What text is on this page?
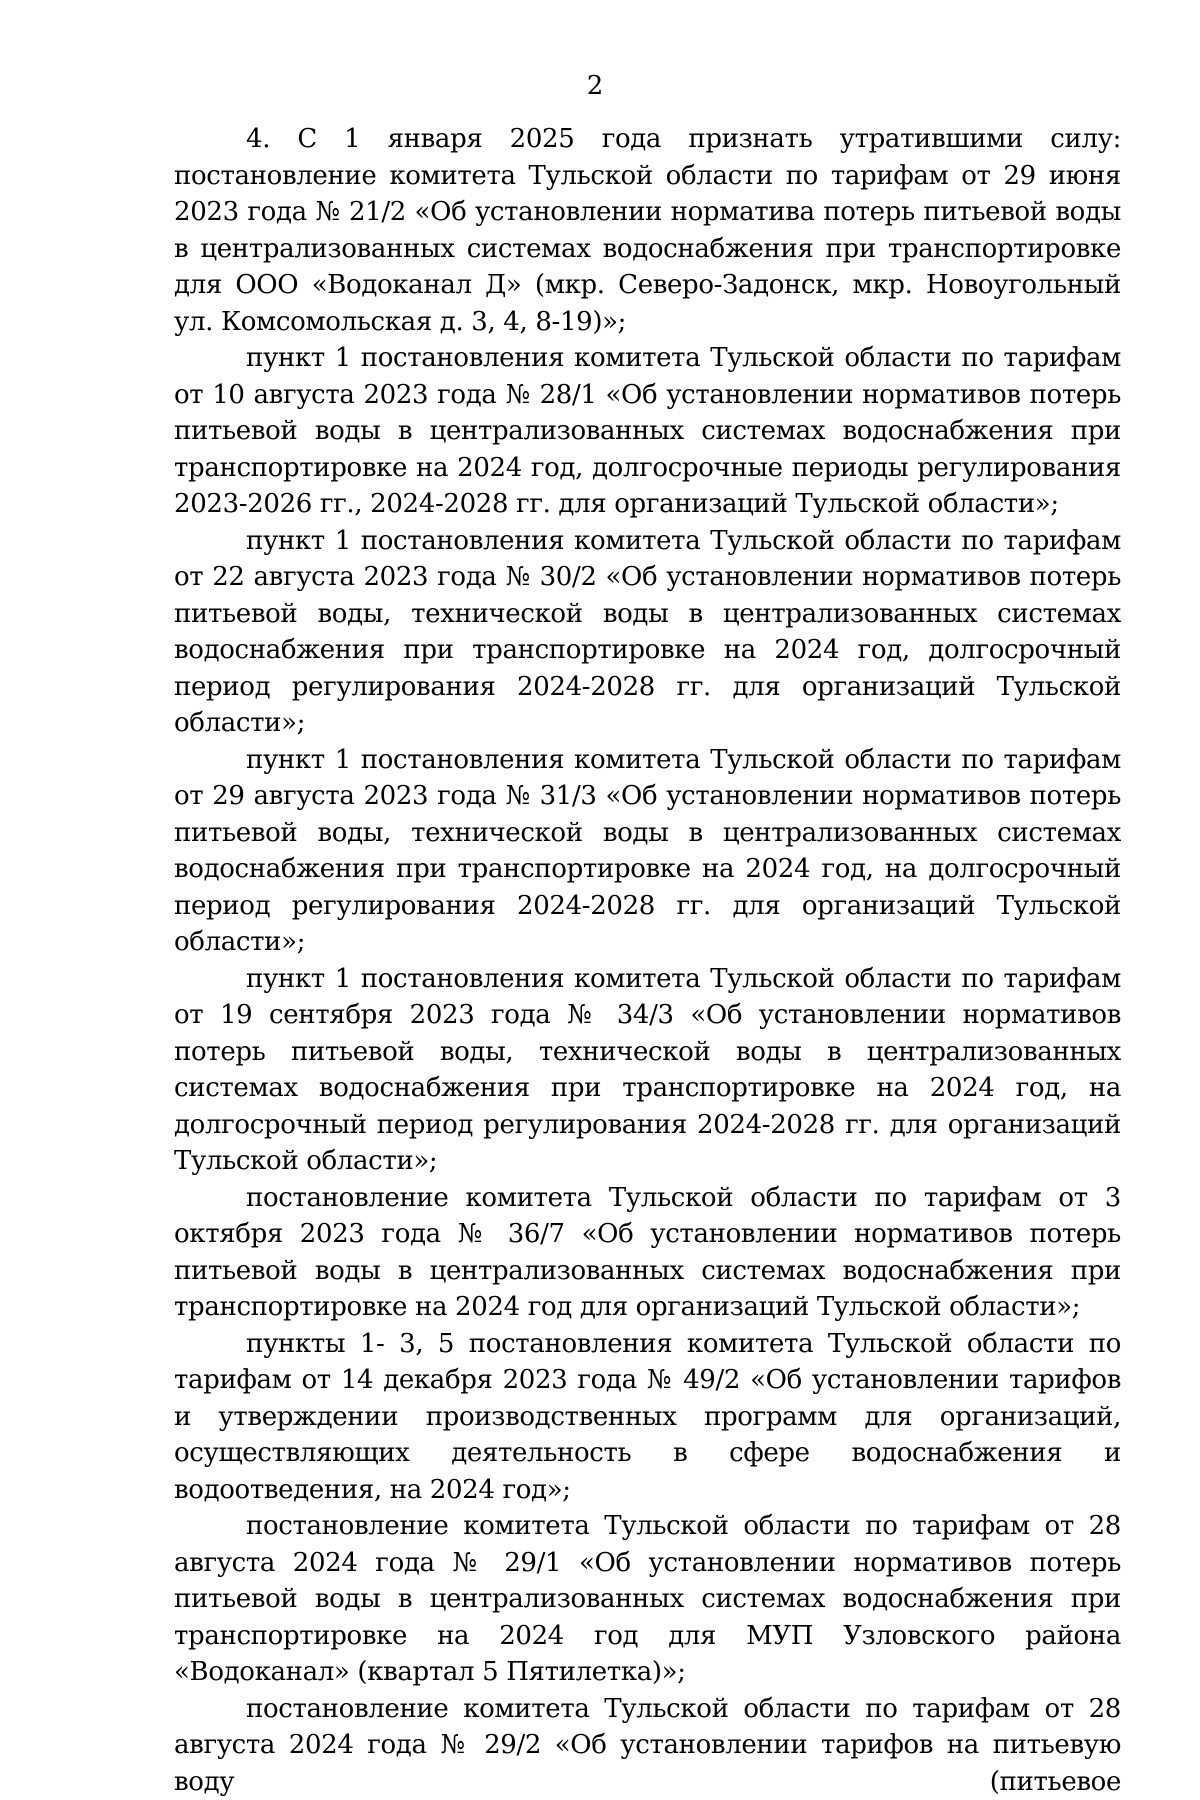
2

4. С 1 января 2025 года признать утратившими силу: постановление комитета Тульской области по тарифам от 29 июня 2023 года № 21/2 «Об установлении норматива потерь питьевой воды в централизованных системах водоснабжения при транспортировке для ООО «Водоканал Д» (мкр. Северо-Задонск, мкр. Новоугольный ул. Комсомольская д. 3, 4, 8-19)»;

пункт 1 постановления комитета Тульской области по тарифам от 10 августа 2023 года № 28/1 «Об установлении нормативов потерь питьевой воды в централизованных системах водоснабжения при транспортировке на 2024 год, долгосрочные периоды регулирования 2023-2026 гг., 2024-2028 гг. для организаций Тульской области»;

пункт 1 постановления комитета Тульской области по тарифам от 22 августа 2023 года № 30/2 «Об установлении нормативов потерь питьевой воды, технической воды в централизованных системах водоснабжения при транспортировке на 2024 год, долгосрочный период регулирования 2024-2028 гг. для организаций Тульской области»;

пункт 1 постановления комитета Тульской области по тарифам от 29 августа 2023 года № 31/3 «Об установлении нормативов потерь питьевой воды, технической воды в централизованных системах водоснабжения при транспортировке на 2024 год, на долгосрочный период регулирования 2024-2028 гг. для организаций Тульской области»;

пункт 1 постановления комитета Тульской области по тарифам от 19 сентября 2023 года № 34/3 «Об установлении нормативов потерь питьевой воды, технической воды в централизованных системах водоснабжения при транспортировке на 2024 год, на долгосрочный период регулирования 2024-2028 гг. для организаций Тульской области»;

постановление комитета Тульской области по тарифам от 3 октября 2023 года № 36/7 «Об установлении нормативов потерь питьевой воды в централизованных системах водоснабжения при транспортировке на 2024 год для организаций Тульской области»;

пункты 1- 3, 5 постановления комитета Тульской области по тарифам от 14 декабря 2023 года № 49/2 «Об установлении тарифов и утверждении производственных программ для организаций, осуществляющих деятельность в сфере водоснабжения и водоотведения, на 2024 год»;

постановление комитета Тульской области по тарифам от 28 августа 2024 года № 29/1 «Об установлении нормативов потерь питьевой воды в централизованных системах водоснабжения при транспортировке на 2024 год для МУП Узловского района «Водоканал» (квартал 5 Пятилетка)»;

постановление комитета Тульской области по тарифам от 28 августа 2024 года № 29/2 «Об установлении тарифов на питьевую воду (питьевое
